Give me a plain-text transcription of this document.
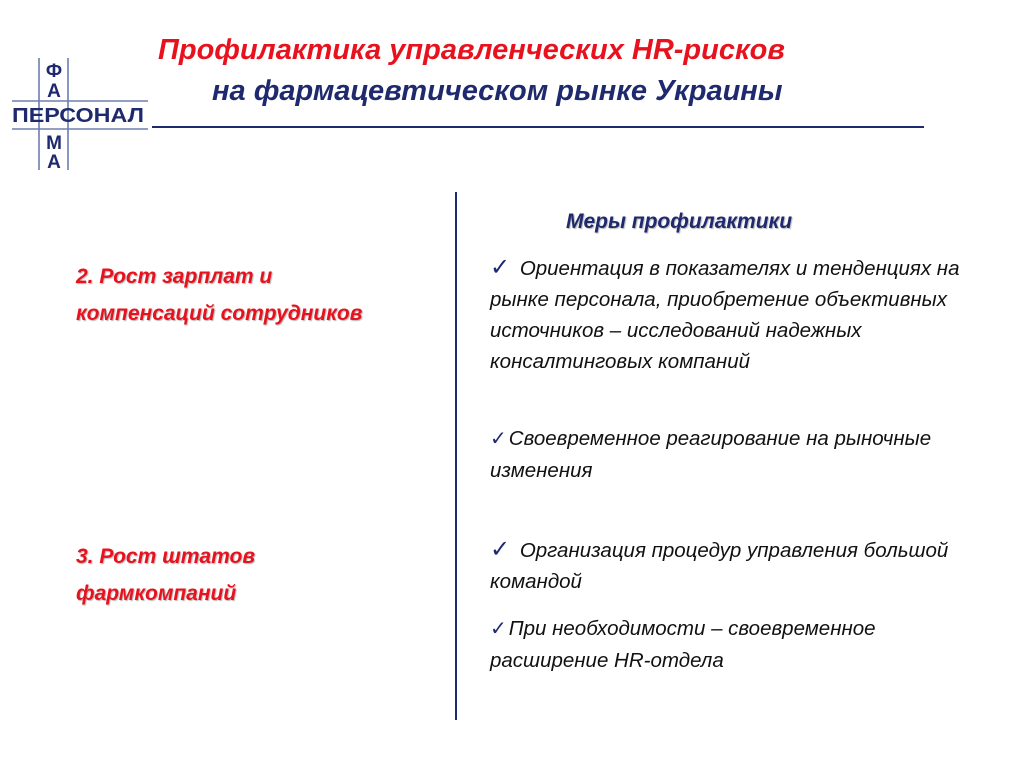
Ф
А
ПЕРСОНАЛ
М
А
Профилактика управленческих HR-рисков
на фармацевтическом рынке Украины
2. Рост зарплат и
компенсаций сотрудников
3. Рост штатов
фармкомпаний
Меры профилактики
✓ Ориентация в показателях и тенденциях на рынке персонала, приобретение объективных источников – исследований надежных консалтинговых компаний
✓Своевременное реагирование на рыночные изменения
✓ Организация процедур управления большой командой
✓При необходимости – своевременное расширение HR-отдела
